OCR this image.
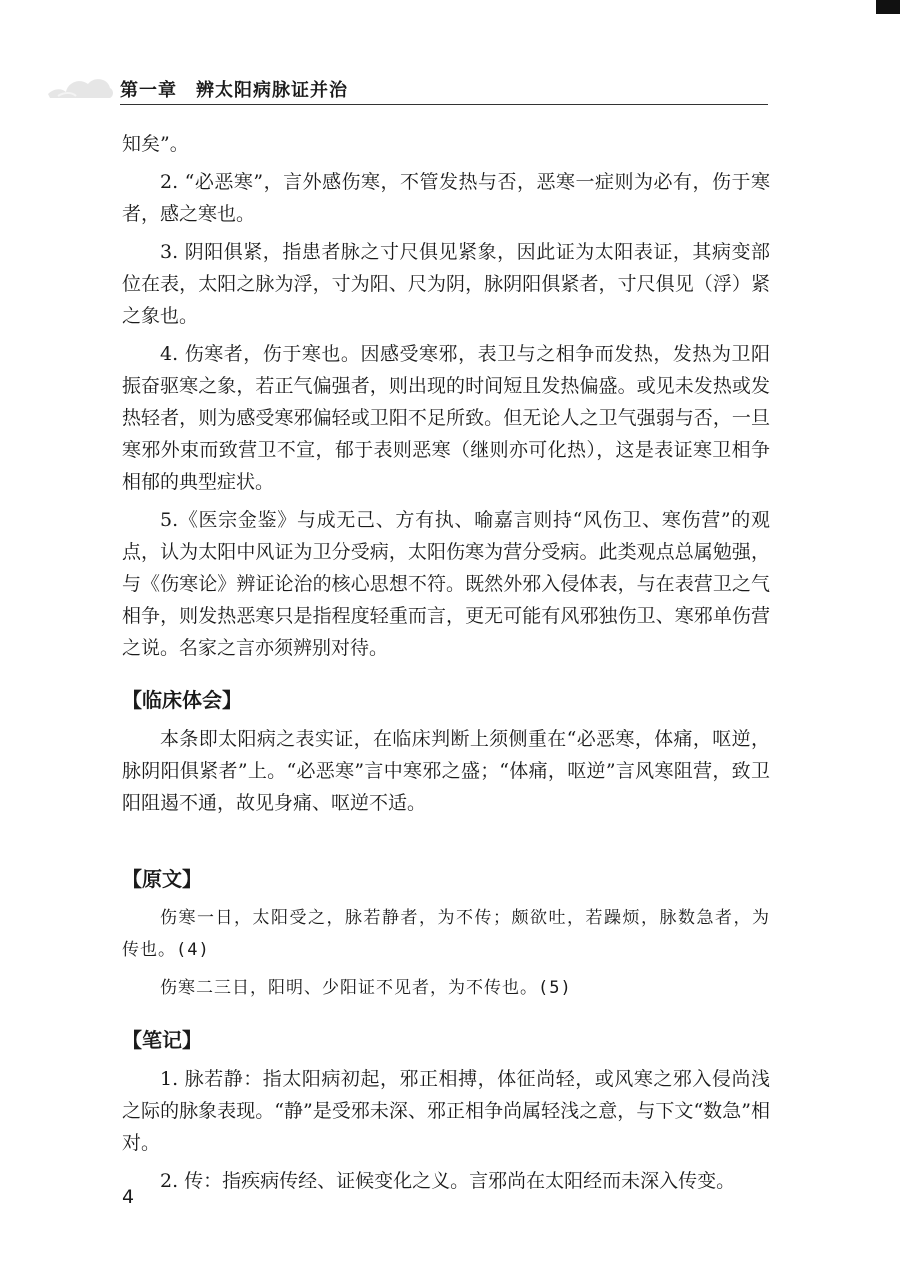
第一章　辨太阳病脉证并治

知矣”。

2. “必恶寒”，言外感伤寒，不管发热与否，恶寒一症则为必有，伤于寒者，感之寒也。

3. 阴阳俱紧，指患者脉之寸尺俱见紧象，因此证为太阳表证，其病变部位在表，太阳之脉为浮，寸为阳、尺为阴，脉阴阳俱紧者，寸尺俱见（浮）紧之象也。

4. 伤寒者，伤于寒也。因感受寒邪，表卫与之相争而发热，发热为卫阳振奋驱寒之象，若正气偏强者，则出现的时间短且发热偏盛。或见未发热或发热轻者，则为感受寒邪偏轻或卫阳不足所致。但无论人之卫气强弱与否，一旦寒邪外束而致营卫不宣，郁于表则恶寒（继则亦可化热），这是表证寒卫相争相郁的典型症状。

5.《医宗金鉴》与成无己、方有执、喻嘉言则持“风伤卫、寒伤营”的观点，认为太阳中风证为卫分受病，太阳伤寒为营分受病。此类观点总属勉强，与《伤寒论》辨证论治的核心思想不符。既然外邪入侵体表，与在表营卫之气相争，则发热恶寒只是指程度轻重而言，更无可能有风邪独伤卫、寒邪单伤营之说。名家之言亦须辨别对待。

【临床体会】

本条即太阳病之表实证，在临床判断上须侧重在“必恶寒，体痛，呕逆，脉阴阳俱紧者”上。“必恶寒”言中寒邪之盛；“体痛，呕逆”言风寒阻营，致卫阳阻遏不通，故见身痛、呕逆不适。

【原文】

伤寒一日，太阳受之，脉若静者，为不传；颇欲吐，若躁烦，脉数急者，为传也。(4)

伤寒二三日，阳明、少阳证不见者，为不传也。(5)

【笔记】

1. 脉若静：指太阳病初起，邪正相搏，体征尚轻，或风寒之邪入侵尚浅之际的脉象表现。“静”是受邪未深、邪正相争尚属轻浅之意，与下文“数急”相对。

2. 传：指疾病传经、证候变化之义。言邪尚在太阳经而未深入传变。

4
